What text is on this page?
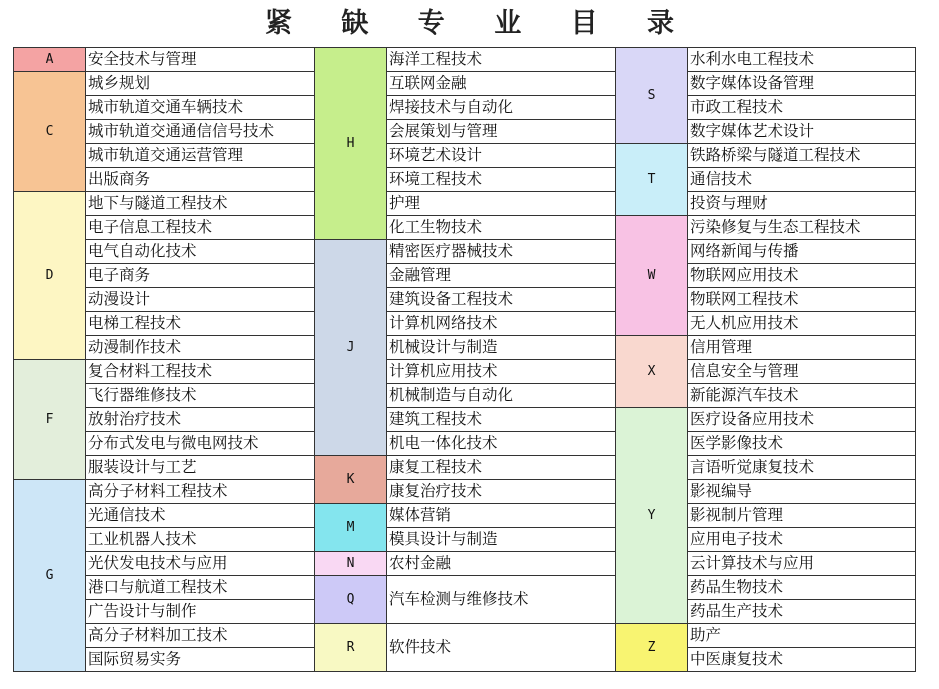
紧 缺 专 业 目 录
A	安全技术与管理	H	海洋工程技术	S	水利水电工程技术
C	城乡规划		互联网金融		数字媒体设备管理
	城市轨道交通车辆技术		焊接技术与自动化		市政工程技术
	城市轨道交通通信信号技术		会展策划与管理		数字媒体艺术设计
	城市轨道交通运营管理		环境艺术设计	T	铁路桥梁与隧道工程技术
	出版商务		环境工程技术		通信技术
D	地下与隧道工程技术		护理		投资与理财
	电子信息工程技术		化工生物技术	W	污染修复与生态工程技术
	电气自动化技术	J	精密医疗器械技术		网络新闻与传播
	电子商务		金融管理		物联网应用技术
	动漫设计		建筑设备工程技术		物联网工程技术
	电梯工程技术		计算机网络技术		无人机应用技术
	动漫制作技术		机械设计与制造	X	信用管理
F	复合材料工程技术		计算机应用技术		信息安全与管理
	飞行器维修技术		机械制造与自动化		新能源汽车技术
	放射治疗技术		建筑工程技术	Y	医疗设备应用技术
	分布式发电与微电网技术		机电一体化技术		医学影像技术
	服装设计与工艺	K	康复工程技术		言语听觉康复技术
G	高分子材料工程技术		康复治疗技术		影视编导
	光通信技术	M	媒体营销		影视制片管理
	工业机器人技术		模具设计与制造		应用电子技术
	光伏发电技术与应用	N	农村金融		云计算技术与应用
	港口与航道工程技术	Q	汽车检测与维修技术		药品生物技术
	广告设计与制作				药品生产技术
	高分子材料加工技术	R	软件技术	Z	助产
	国际贸易实务				中医康复技术
